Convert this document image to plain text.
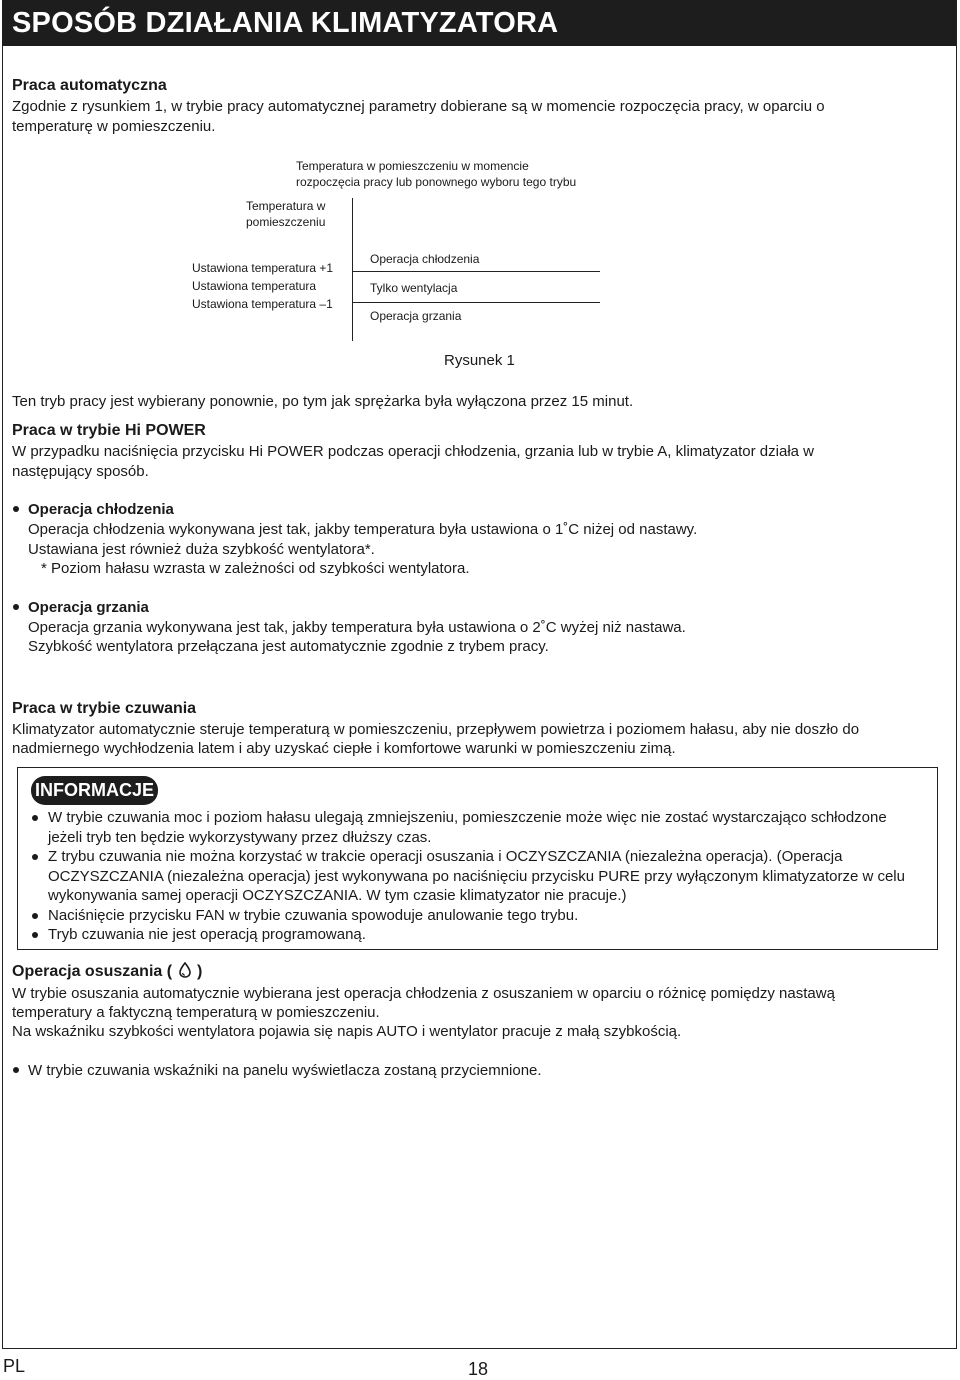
SPOSÓB DZIAŁANIA KLIMATYZATORA
Praca automatyczna
Zgodnie z rysunkiem 1, w trybie pracy automatycznej parametry dobierane są w momencie rozpoczęcia pracy, w oparciu o
temperaturę w pomieszczeniu.
Temperatura w pomieszczeniu w momencie
rozpoczęcia pracy lub ponownego wyboru tego trybu
Temperatura w
pomieszczeniu
Ustawiona temperatura +1
Ustawiona temperatura
Ustawiona temperatura –1
Operacja chłodzenia
Tylko wentylacja
Operacja grzania
Rysunek 1
Ten tryb pracy jest wybierany ponownie, po tym jak sprężarka była wyłączona przez 15 minut.
Praca w trybie Hi POWER
W przypadku naciśnięcia przycisku Hi POWER podczas operacji chłodzenia, grzania lub w trybie A, klimatyzator działa w
następujący sposób.
Operacja chłodzenia
Operacja chłodzenia wykonywana jest tak, jakby temperatura była ustawiona o 1˚C niżej od nastawy.
Ustawiana jest również duża szybkość wentylatora*.
* Poziom hałasu wzrasta w zależności od szybkości wentylatora.
Operacja grzania
Operacja grzania wykonywana jest tak, jakby temperatura była ustawiona o 2˚C wyżej niż nastawa.
Szybkość wentylatora przełączana jest automatycznie zgodnie z trybem pracy.
Praca w trybie czuwania
Klimatyzator automatycznie steruje temperaturą w pomieszczeniu, przepływem powietrza i poziomem hałasu, aby nie doszło do
nadmiernego wychłodzenia latem i aby uzyskać ciepłe i komfortowe warunki w pomieszczeniu zimą.
INFORMACJE
W trybie czuwania moc i poziom hałasu ulegają zmniejszeniu, pomieszczenie może więc nie zostać wystarczająco schłodzone jeżeli tryb ten będzie wykorzystywany przez dłuższy czas.
Z trybu czuwania nie można korzystać w trakcie operacji osuszania i OCZYSZCZANIA (niezależna operacja). (Operacja OCZYSZCZANIA (niezależna operacja) jest wykonywana po naciśnięciu przycisku PURE przy wyłączonym klimatyzatorze w celu wykonywania samej operacji OCZYSZCZANIA. W tym czasie klimatyzator nie pracuje.)
Naciśnięcie przycisku FAN w trybie czuwania spowoduje anulowanie tego trybu.
Tryb czuwania nie jest operacją programowaną.
Operacja osuszania ( )
W trybie osuszania automatycznie wybierana jest operacja chłodzenia z osuszaniem w oparciu o różnicę pomiędzy nastawą
temperatury a faktyczną temperaturą w pomieszczeniu.
Na wskaźniku szybkości wentylatora pojawia się napis AUTO i wentylator pracuje z małą szybkością.
W trybie czuwania wskaźniki na panelu wyświetlacza zostaną przyciemnione.
PL	18
